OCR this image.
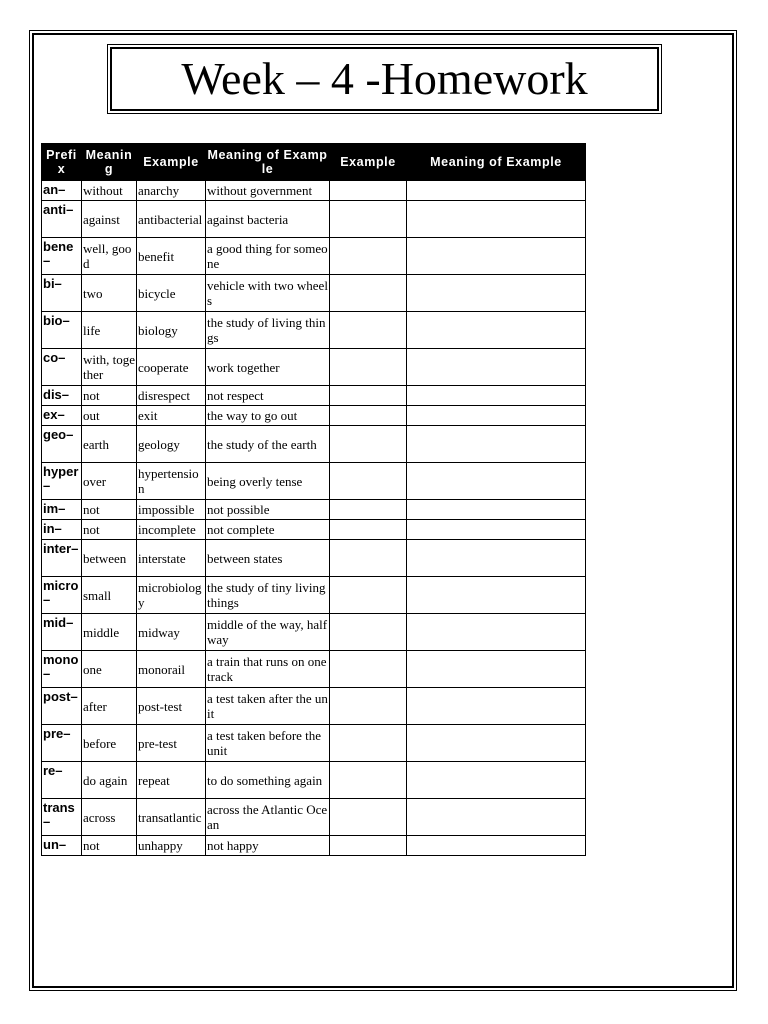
Week – 4 -Homework
Prefix	Meaning	Example	Meaning of Example	Example	Meaning of Example
an–	without	anarchy	without government		
anti–	against	antibacterial	against bacteria		
bene–	well, good	benefit	a good thing for someone		
bi–	two	bicycle	vehicle with two wheels		
bio–	life	biology	the study of living things		
co–	with, together	cooperate	work together		
dis–	not	disrespect	not respect		
ex–	out	exit	the way to go out		
geo–	earth	geology	the study of the earth		
hyper–	over	hypertension	being overly tense		
im–	not	impossible	not possible		
in–	not	incomplete	not complete		
inter–	between	interstate	between states		
micro–	small	microbiology	the study of tiny living things		
mid–	middle	midway	middle of the way, half way		
mono–	one	monorail	a train that runs on one track		
post–	after	post-test	a test taken after the unit		
pre–	before	pre-test	a test taken before the unit		
re–	do again	repeat	to do something again		
trans–	across	transatlantic	across the Atlantic Ocean		
un–	not	unhappy	not happy		
